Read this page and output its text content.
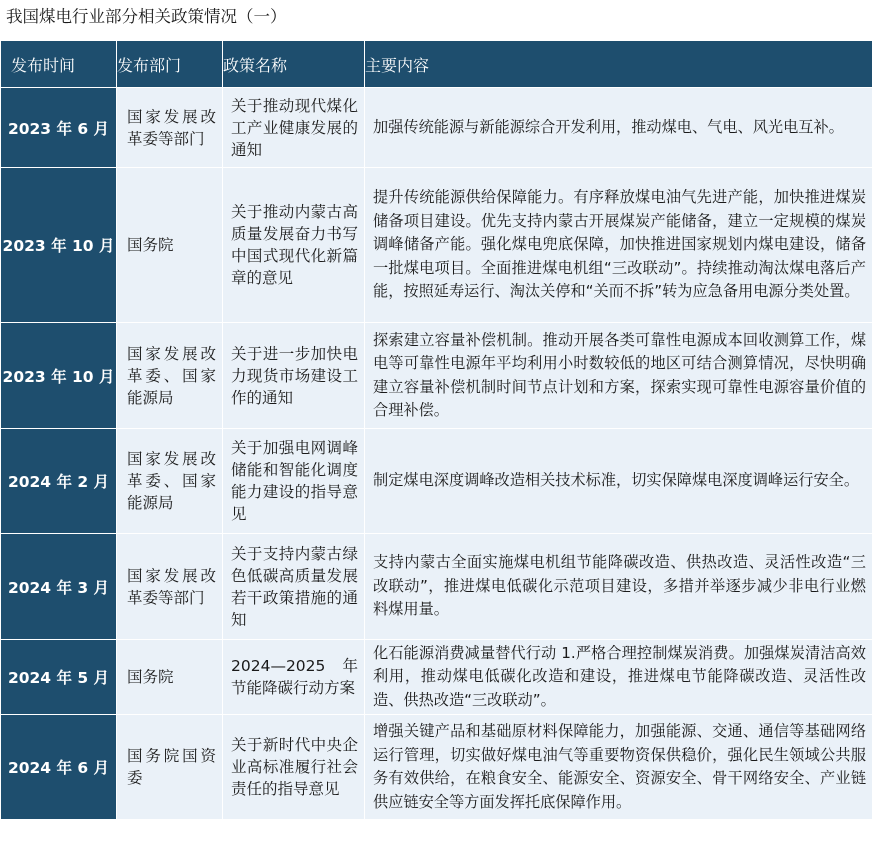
我国煤电行业部分相关政策情况（一）
发布时间	发布部门	政策名称	主要内容
2023 年 6 月	国家发展改革委等部门	关于推动现代煤化工产业健康发展的通知	加强传统能源与新能源综合开发利用，推动煤电、气电、风光电互补。

2023 年 10 月	国务院	关于推动内蒙古高质量发展奋力书写中国式现代化新篇章的意见	提升传统能源供给保障能力。有序释放煤电油气先进产能，加快推进煤炭储备项目建设。优先支持内蒙古开展煤炭产能储备，建立一定规模的煤炭调峰储备产能。强化煤电兜底保障，加快推进国家规划内煤电建设，储备一批煤电项目。全面推进煤电机组“三改联动”。持续推动淘汰煤电落后产能，按照延寿运行、淘汰关停和“关而不拆”转为应急备用电源分类处置。

2023 年 10 月	国家发展改革委、国家能源局	关于进一步加快电力现货市场建设工作的通知	探索建立容量补偿机制。推动开展各类可靠性电源成本回收测算工作，煤电等可靠性电源年平均利用小时数较低的地区可结合测算情况，尽快明确建立容量补偿机制时间节点计划和方案，探索实现可靠性电源容量价值的合理补偿。

2024 年 2 月	国家发展改革委、国家能源局	关于加强电网调峰储能和智能化调度能力建设的指导意见	制定煤电深度调峰改造相关技术标准，切实保障煤电深度调峰运行安全。

2024 年 3 月	国家发展改革委等部门	关于支持内蒙古绿色低碳高质量发展若干政策措施的通知	支持内蒙古全面实施煤电机组节能降碳改造、供热改造、灵活性改造“三改联动”，推进煤电低碳化示范项目建设，多措并举逐步减少非电行业燃料煤用量。

2024 年 5 月	国务院	2024—2025 年节能降碳行动方案	化石能源消费减量替代行动 1.严格合理控制煤炭消费。加强煤炭清洁高效利用，推动煤电低碳化改造和建设，推进煤电节能降碳改造、灵活性改造、供热改造“三改联动”。

2024 年 6 月	国务院国资委	关于新时代中央企业高标准履行社会责任的指导意见	增强关键产品和基础原材料保障能力，加强能源、交通、通信等基础网络运行管理，切实做好煤电油气等重要物资保供稳价，强化民生领域公共服务有效供给，在粮食安全、能源安全、资源安全、骨干网络安全、产业链供应链安全等方面发挥托底保障作用。
